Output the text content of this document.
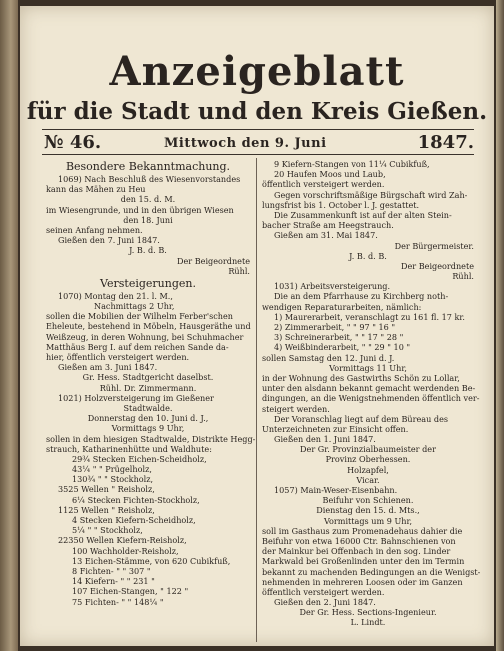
Anzeigeblatt
für die Stadt und den Kreis Gießen.
№ 46.	Mittwoch den 9. Juni	1847.
Besondere Bekanntmachung.
1069) Nach Beschluß des Wiesenvorstandes
kann das Mähen zu Heu
den 15. d. M.
im Wiesengrunde, und in den übrigen Wiesen
den 18. Juni
seinen Anfang nehmen.
Gießen den 7. Juni 1847.
J. B. d. B.
Der Beigeordnete
Rühl.
Versteigerungen.
1070) Montag den 21. l. M.,
Nachmittags 2 Uhr,
sollen die Mobilien der Wilhelm Ferber'schen
Eheleute, bestehend in Möbeln, Hausgeräthe und
Weißzeug, in deren Wohnung, bei Schuhmacher
Matthäus Berg I. auf dem reichen Sande da-
hier, öffentlich versteigert werden.
Gießen am 3. Juni 1847.
Gr. Hess. Stadtgericht daselbst.
Rühl. Dr. Zimmermann.
1021) Holzversteigerung im Gießener
Stadtwalde.
Donnerstag den 10. Juni d. J.,
Vormittags 9 Uhr,
sollen in dem hiesigen Stadtwalde, Distrikte Hegg-
strauch, Katharinenhütte und Waldhute:
29¾ Stecken Eichen-Scheidholz,
43¼ " " Prügelholz,
130¾ " " Stockholz,
3525 Wellen " Reisholz,
6¼ Stecken Fichten-Stockholz,
1125 Wellen " Reisholz,
4 Stecken Kiefern-Scheidholz,
5¼ " " Stockholz,
22350 Wellen Kiefern-Reisholz,
100 Wachholder-Reisholz,
13 Eichen-Stämme, von 620 Cubikfuß,
8 Fichten- " " 307 "
14 Kiefern- " " 231 "
107 Eichen-Stangen, " 122 "
75 Fichten- " " 148¼ "
9 Kiefern-Stangen von 11¼ Cubikfuß,
20 Haufen Moos und Laub,
öffentlich versteigert werden.
Gegen vorschriftsmäßige Bürgschaft wird Zah-
lungsfrist bis 1. October l. J. gestattet.
Die Zusammenkunft ist auf der alten Stein-
bacher Straße am Heegstrauch.
Gießen am 31. Mai 1847.
Der Bürgermeister.
J. B. d. B.
Der Beigeordnete
Rühl.
1031) Arbeitsversteigerung.
Die an dem Pfarrhause zu Kirchberg noth-
wendigen Reparaturarbeiten, nämlich:
1) Maurerarbeit, veranschlagt zu 161 fl. 17 kr.
2) Zimmerarbeit, " " 97 " 16 "
3) Schreinerarbeit, " " 17 " 28 "
4) Weißbinderarbeit, " " 29 " 10 "
sollen Samstag den 12. Juni d. J.
Vormittags 11 Uhr,
in der Wohnung des Gastwirths Schön zu Lollar,
unter den alsdann bekannt gemacht werdenden Be-
dingungen, an die Wenigstnehmenden öffentlich ver-
steigert werden.
Der Voranschlag liegt auf dem Büreau des
Unterzeichneten zur Einsicht offen.
Gießen den 1. Juni 1847.
Der Gr. Provinzialbaumeister der
Provinz Oberhessen.
Holzapfel,
Vicar.
1057) Main-Weser-Eisenbahn.
Beifuhr von Schienen.
Dienstag den 15. d. Mts.,
Vormittags um 9 Uhr,
soll im Gasthaus zum Promenadehaus dahier die
Beifuhr von etwa 16000 Ctr. Bahnschienen von
der Mainkur bei Offenbach in den sog. Linder
Markwald bei Großenlinden unter den im Termin
bekannt zu machenden Bedingungen an die Wenigst-
nehmenden in mehreren Loosen oder im Ganzen
öffentlich versteigert werden.
Gießen den 2. Juni 1847.
Der Gr. Hess. Sections-Ingenieur.
L. Lindt.
